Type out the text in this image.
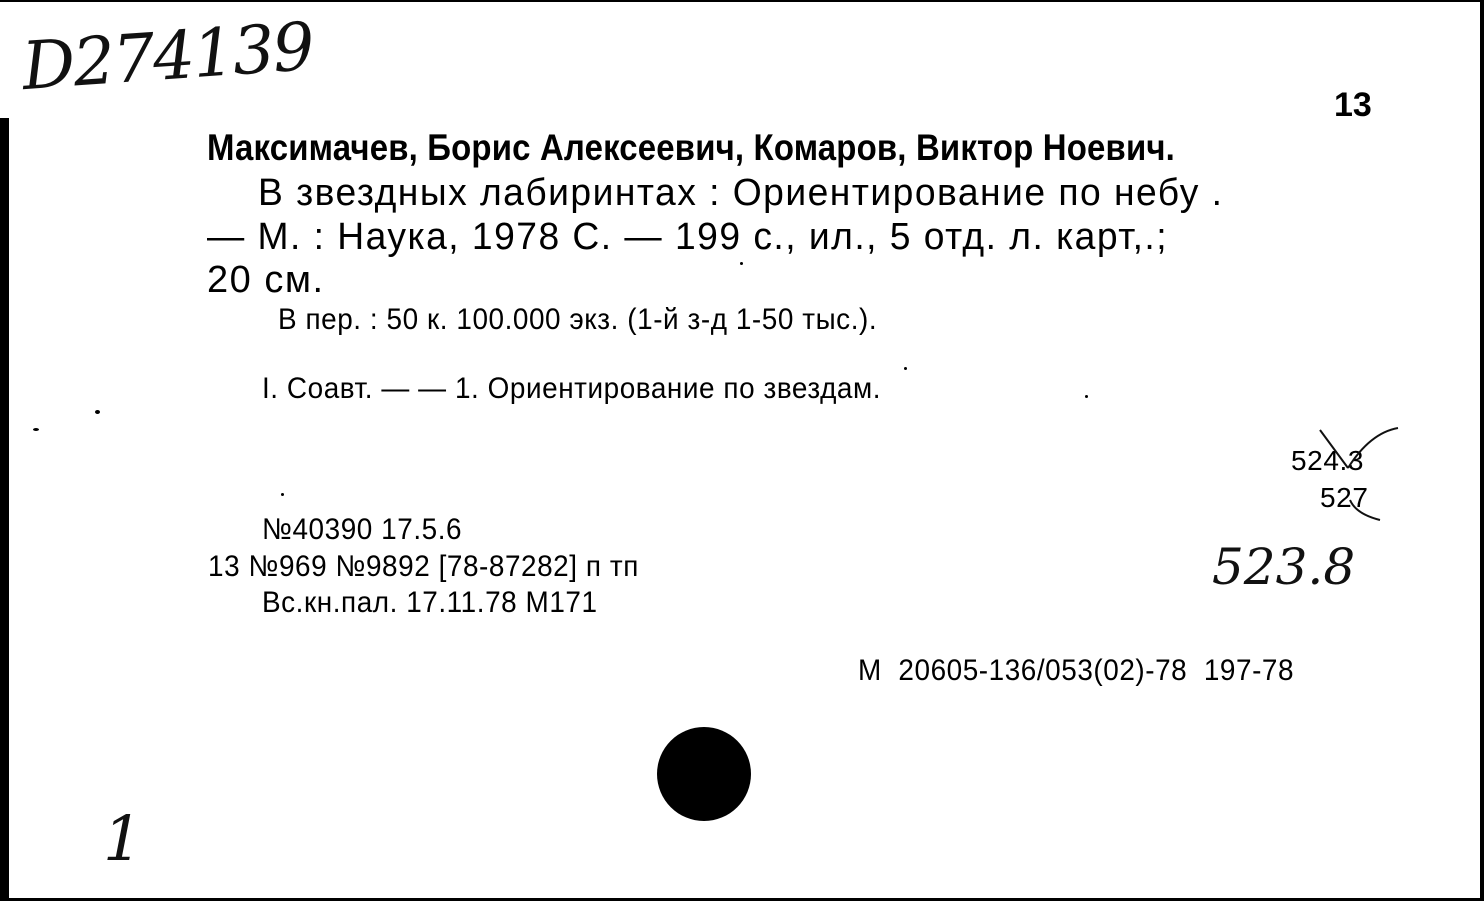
D274139	13
Максимачев, Борис Алексеевич, Комаров, Виктор Ноевич.
В звездных лабиринтах : Ориентирование по небу .
— М. : Наука, 1978 С. — 199 с., ил., 5 отд. л. карт,.;
20 см.
В пер. : 50 к. 100.000 экз. (1-й з-д 1-50 тыс.).
I. Соавт. — — 1. Ориентирование по звездам.
524.3
527
523.8
№40390 17.5.6
13 №969 №9892 [78-87282] п тп
Вс.кн.пал. 17.11.78 М171

М  20605-136/053(02)-78  197-78

1
